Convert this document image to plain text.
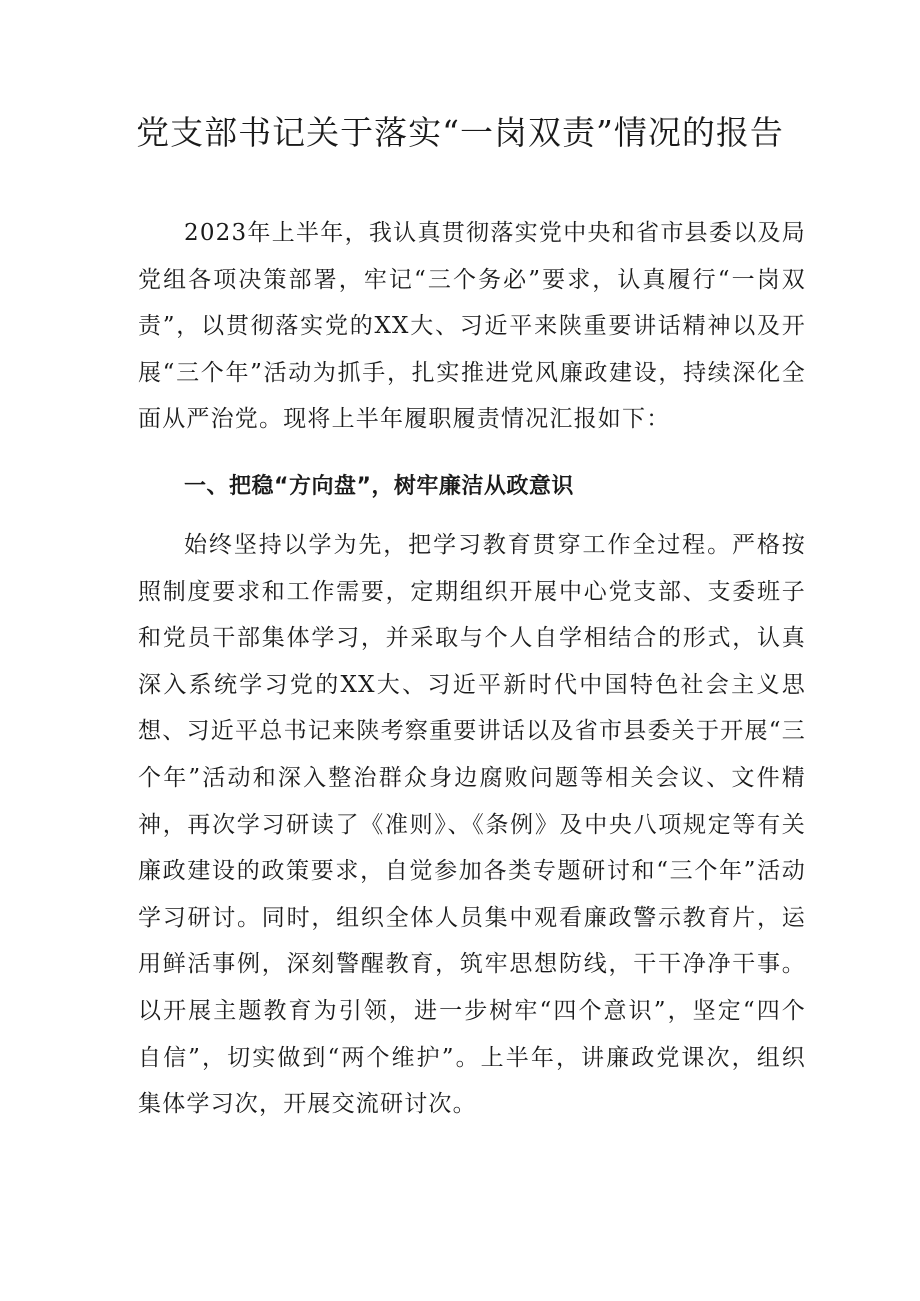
党支部书记关于落实“一岗双责”情况的报告

2023年上半年，我认真贯彻落实党中央和省市县委以及局党组各项决策部署，牢记“三个务必”要求，认真履行“一岗双责”，以贯彻落实党的XX大、习近平来陕重要讲话精神以及开展“三个年”活动为抓手，扎实推进党风廉政建设，持续深化全面从严治党。现将上半年履职履责情况汇报如下：

一、把稳“方向盘”，树牢廉洁从政意识

始终坚持以学为先，把学习教育贯穿工作全过程。严格按照制度要求和工作需要，定期组织开展中心党支部、支委班子和党员干部集体学习，并采取与个人自学相结合的形式，认真深入系统学习党的XX大、习近平新时代中国特色社会主义思想、习近平总书记来陕考察重要讲话以及省市县委关于开展“三个年”活动和深入整治群众身边腐败问题等相关会议、文件精神，再次学习研读了《准则》、《条例》及中央八项规定等有关廉政建设的政策要求，自觉参加各类专题研讨和“三个年”活动学习研讨。同时，组织全体人员集中观看廉政警示教育片，运用鲜活事例，深刻警醒教育，筑牢思想防线，干干净净干事。以开展主题教育为引领，进一步树牢“四个意识”，坚定“四个自信”，切实做到“两个维护”。上半年，讲廉政党课次，组织集体学习次，开展交流研讨次。
